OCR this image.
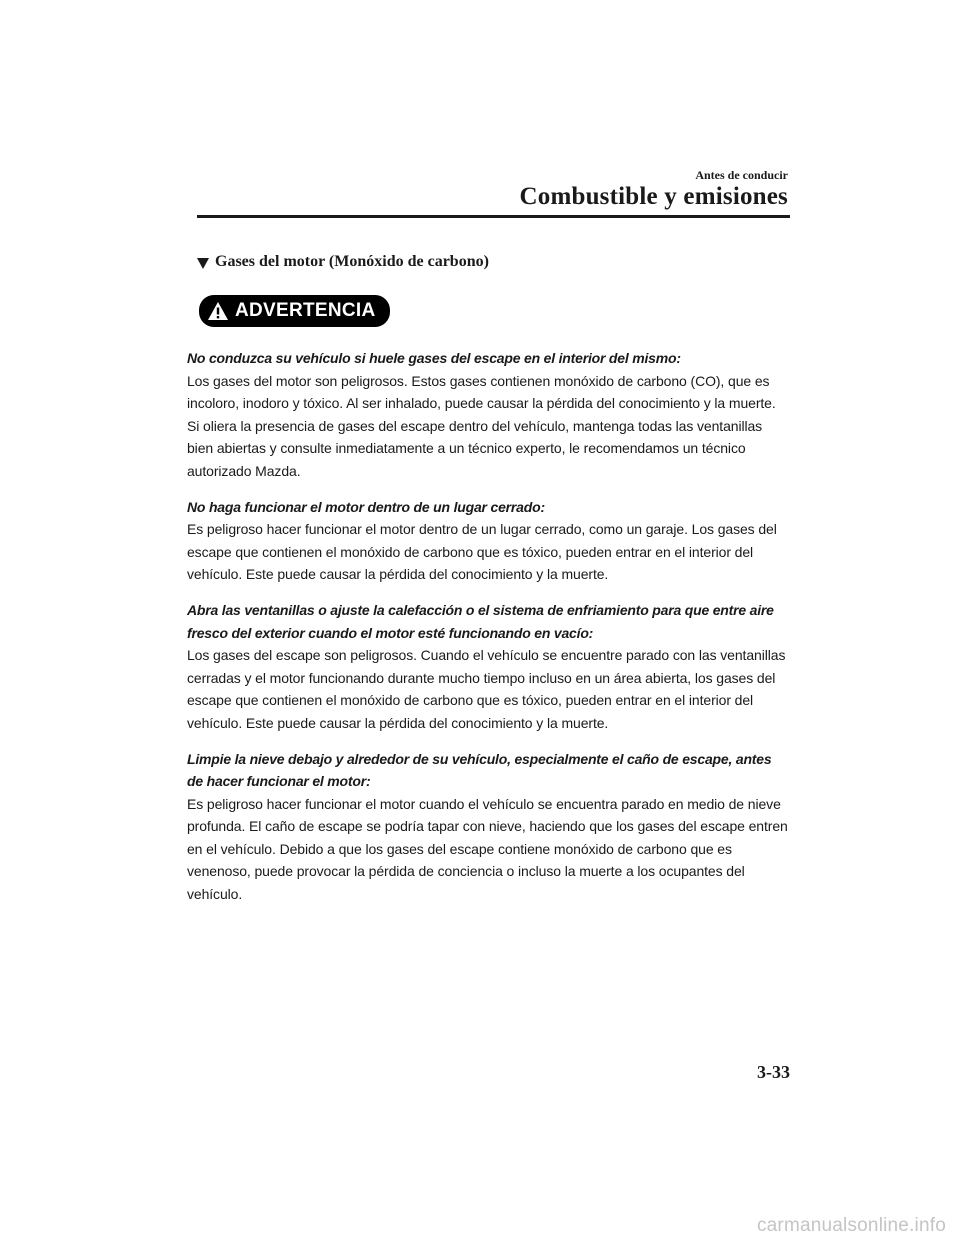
Antes de conducir
Combustible y emisiones
Gases del motor (Monóxido de carbono)
ADVERTENCIA
No conduzca su vehículo si huele gases del escape en el interior del mismo:
Los gases del motor son peligrosos. Estos gases contienen monóxido de carbono (CO), que es incoloro, inodoro y tóxico. Al ser inhalado, puede causar la pérdida del conocimiento y la muerte. Si oliera la presencia de gases del escape dentro del vehículo, mantenga todas las ventanillas bien abiertas y consulte inmediatamente a un técnico experto, le recomendamos un técnico autorizado Mazda.
No haga funcionar el motor dentro de un lugar cerrado:
Es peligroso hacer funcionar el motor dentro de un lugar cerrado, como un garaje. Los gases del escape que contienen el monóxido de carbono que es tóxico, pueden entrar en el interior del vehículo. Este puede causar la pérdida del conocimiento y la muerte.
Abra las ventanillas o ajuste la calefacción o el sistema de enfriamiento para que entre aire fresco del exterior cuando el motor esté funcionando en vacío:
Los gases del escape son peligrosos. Cuando el vehículo se encuentre parado con las ventanillas cerradas y el motor funcionando durante mucho tiempo incluso en un área abierta, los gases del escape que contienen el monóxido de carbono que es tóxico, pueden entrar en el interior del vehículo. Este puede causar la pérdida del conocimiento y la muerte.
Limpie la nieve debajo y alrededor de su vehículo, especialmente el caño de escape, antes de hacer funcionar el motor:
Es peligroso hacer funcionar el motor cuando el vehículo se encuentra parado en medio de nieve profunda. El caño de escape se podría tapar con nieve, haciendo que los gases del escape entren en el vehículo. Debido a que los gases del escape contiene monóxido de carbono que es venenoso, puede provocar la pérdida de conciencia o incluso la muerte a los ocupantes del vehículo.
3-33
carmanualsonline.info
